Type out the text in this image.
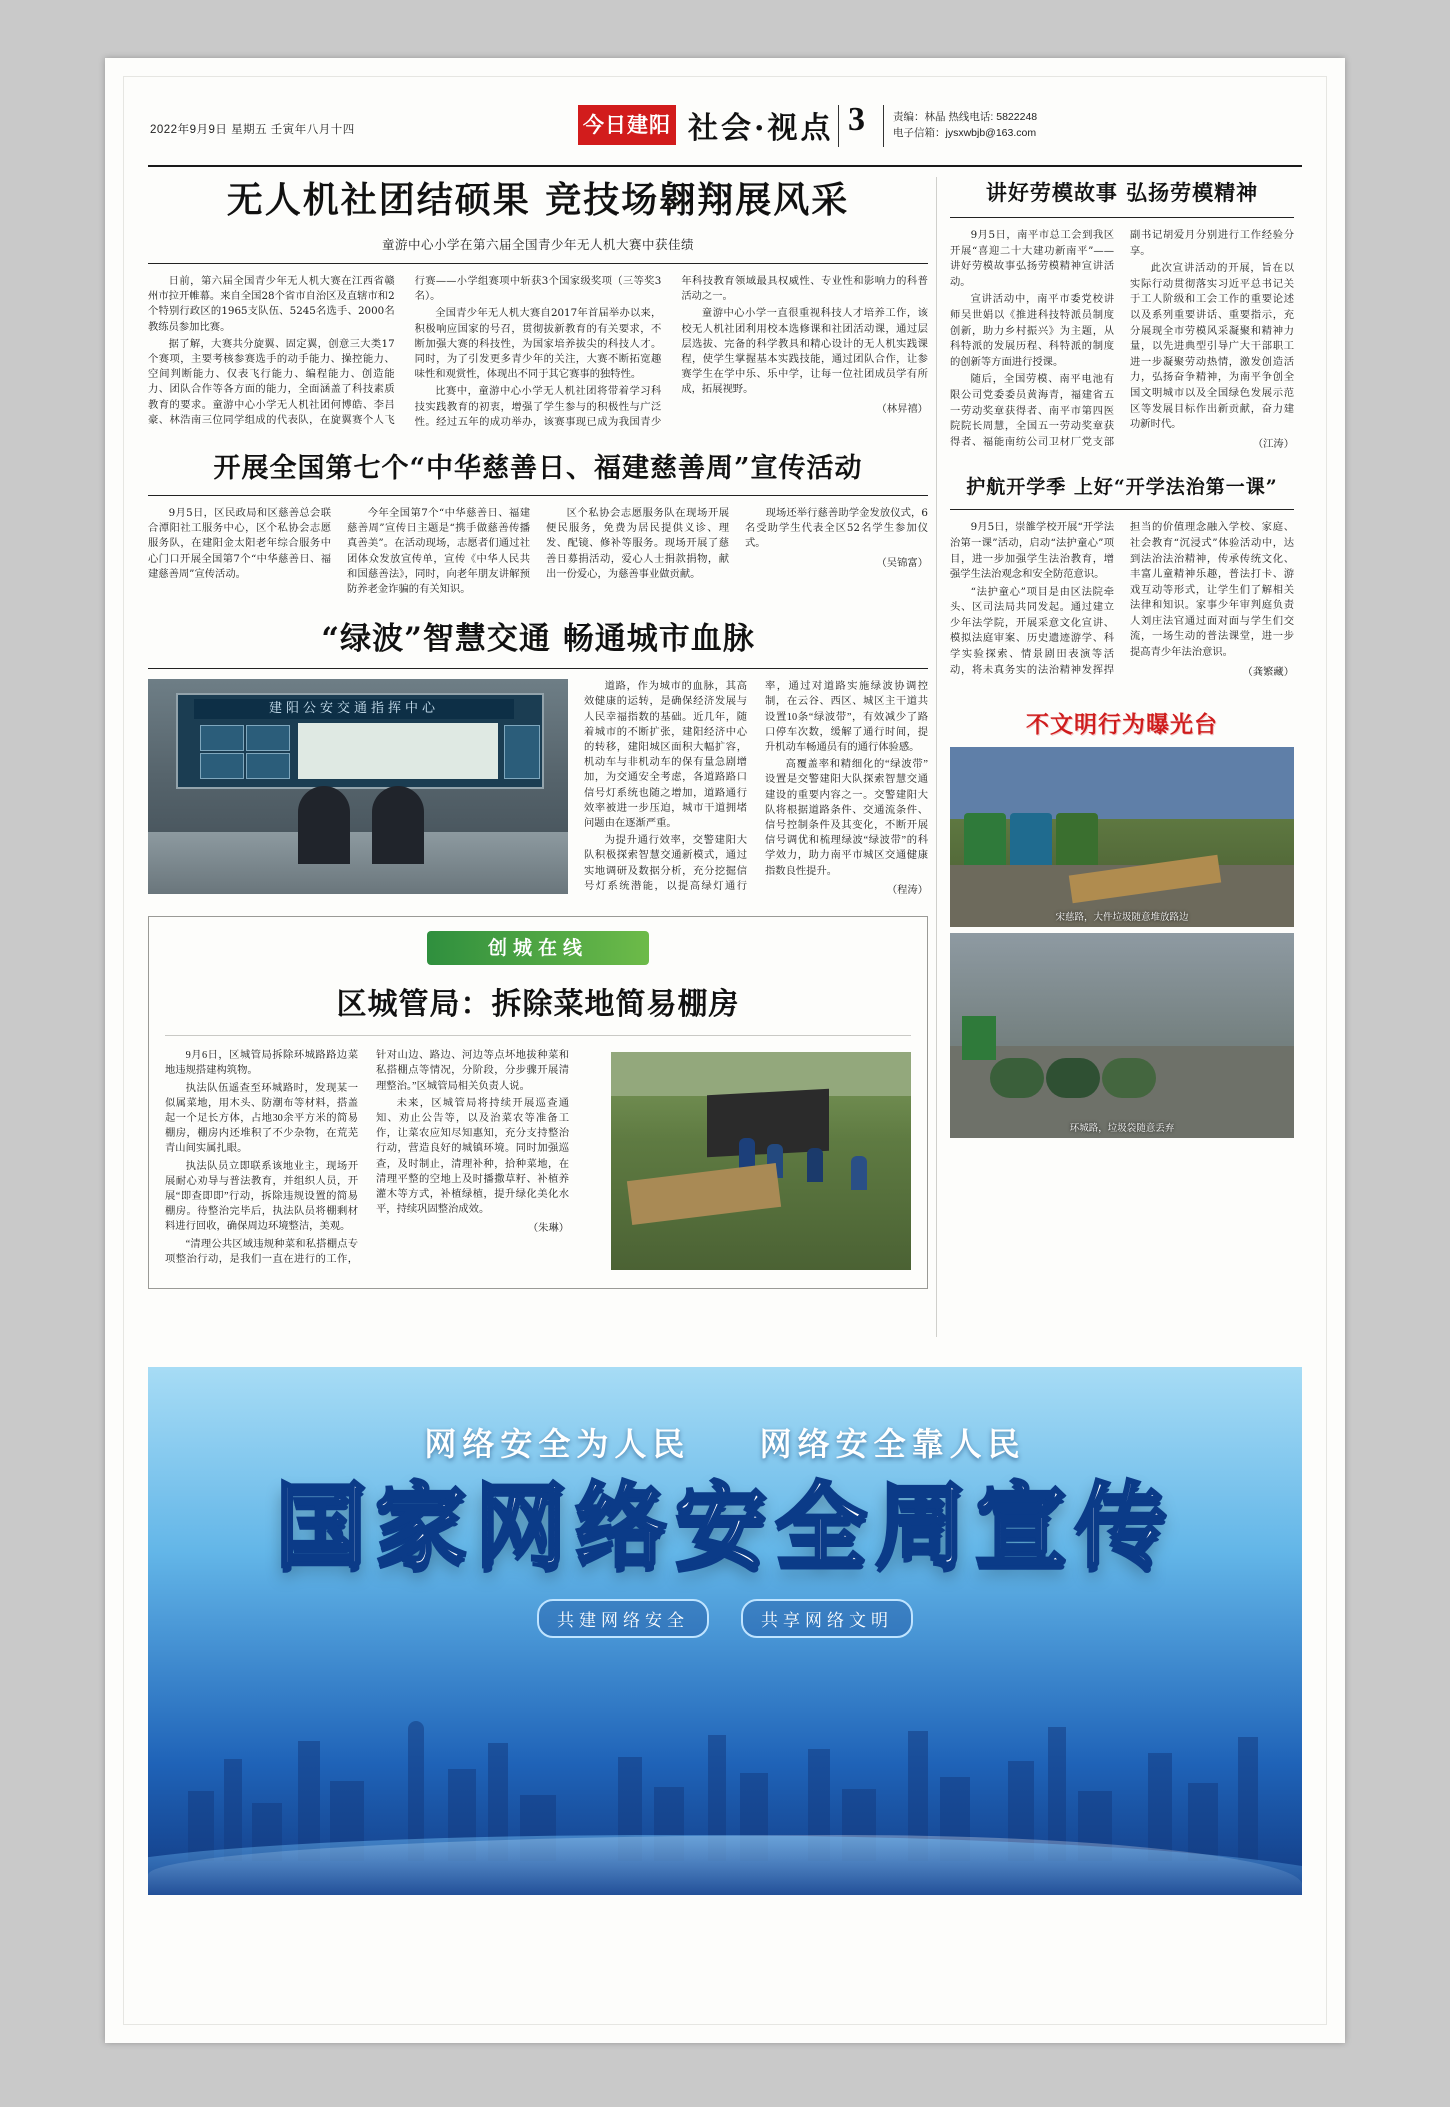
2022年9月9日 星期五 壬寅年八月十四	今日建阳 社会·视点 3	责编：林晶 热线电话: 5822248
电子信箱：jysxwbjb@163.com
无人机社团结硕果 竞技场翱翔展风采
童游中心小学在第六届全国青少年无人机大赛中获佳绩

日前，第六届全国青少年无人机大赛在江西省赣州市拉开帷幕。来自全国28个省市自治区及直辖市和2个特别行政区的1965支队伍、5245名选手、2000名教练员参加比赛。

据了解，大赛共分旋翼、固定翼，创意三大类17个赛项，主要考核参赛选手的动手能力、操控能力、空间判断能力、仅表飞行能力、编程能力、创造能力、团队合作等各方面的能力，全面涵盖了科技素质教育的要求。童游中心小学无人机社团何博皓、李吕豪、林浩南三位同学组成的代表队，在旋翼赛个人飞行赛——小学组赛项中斩获3个国家级奖项（三等奖3名）。

全国青少年无人机大赛自2017年首届举办以来，积极响应国家的号召，贯彻拔新教育的有关要求，不断加强大赛的科技性，为国家培养拔尖的科技人才。同时，为了引发更多青少年的关注，大赛不断拓宽趣味性和观赏性，体现出不同于其它赛事的独特性。

比赛中，童游中心小学无人机社团将带着学习科技实践教育的初衷，增强了学生参与的积极性与广泛性。经过五年的成功举办，该赛事现已成为我国青少年科技教育领域最具权威性、专业性和影响力的科普活动之一。

童游中心小学一直很重视科技人才培养工作，该校无人机社团利用校本选修课和社团活动课，通过层层选拔、完备的科学教具和精心设计的无人机实践课程，使学生掌握基本实践技能，通过团队合作，让参赛学生在学中乐、乐中学，让每一位社团成员学有所成，拓展视野。

（林昇禧）
开展全国第七个“中华慈善日、福建慈善周”宣传活动

9月5日，区民政局和区慈善总会联合潭阳社工服务中心，区个私协会志愿服务队，在建阳金太阳老年综合服务中心门口开展全国第7个“中华慈善日、福建慈善周”宣传活动。

今年全国第7个“中华慈善日、福建慈善周”宣传日主题是“携手做慈善传播真善美”。在活动现场，志愿者们通过社团体众发放宣传单，宣传《中华人民共和国慈善法》，同时，向老年朋友讲解预防养老金诈骗的有关知识。

区个私协会志愿服务队在现场开展便民服务，免费为居民提供义诊、理发、配镜、修补等服务。现场开展了慈善日募捐活动，爱心人士捐款捐物，献出一份爱心，为慈善事业做贡献。

现场还举行慈善助学金发放仪式，6名受助学生代表全区52名学生参加仪式。

（吴锦富）
“绿波”智慧交通 畅通城市血脉
建阳公安交通指挥中心

道路，作为城市的血脉，其高效健康的运转，是确保经济发展与人民幸福指数的基础。近几年，随着城市的不断扩张，建阳经济中心的转移，建阳城区面积大幅扩容，机动车与非机动车的保有量急剧增加，为交通安全考虑，各道路路口信号灯系统也随之增加，道路通行效率被进一步压迫，城市干道拥堵问题由在逐渐严重。

为提升通行效率，交警建阳大队积极探索智慧交通新模式，通过实地调研及数据分析，充分挖掘信号灯系统潜能，以提高绿灯通行率，通过对道路实施绿波协调控制，在云谷、西区、城区主干道共设置10条“绿波带”，有效减少了路口停车次数，缓解了通行时间，提升机动车畅通员有的通行体验感。

高覆盖率和精细化的“绿波带”设置是交警建阳大队探索智慧交通建设的重要内容之一。交警建阳大队将根据道路条件、交通流条件、信号控制条件及其变化，不断开展信号调优和梳理绿波“绿波带”的科学效力，助力南平市城区交通健康指数良性提升。

（程涛）
创城在线
区城管局：拆除菜地简易棚房

9月6日，区城管局拆除环城路路边菜地违规搭建构筑物。

执法队伍遥查至环城路时，发现某一似属菜地，用木头、防潮布等材料，搭盖起一个足长方体，占地30余平方米的简易棚房，棚房内还堆积了不少杂物，在荒芜青山间实属扎眼。

执法队员立即联系该地业主，现场开展耐心劝导与普法教育，并组织人员，开展“即查即即”行动，拆除违规设置的简易棚房。待整治完毕后，执法队员将棚剩材料进行回收，确保周边环境整洁，美观。

“清理公共区域违规种菜和私搭棚点专项整治行动，是我们一直在进行的工作，针对山边、路边、河边等点坏地拔种菜和私搭棚点等情况，分阶段，分步骤开展清理整治。”区城管局相关负责人说。

未来，区城管局将持续开展巡查通知、劝止公告等，以及治菜农等准备工作，让菜农应知尽知惠知，充分支持整治行动，营造良好的城镇环境。同时加强巡查，及时制止，清理补种，拾种菜地，在清理平整的空地上及时播撒草籽、补植养灌木等方式，补植绿植，提升绿化美化水平，持续巩固整治成效。

（朱琳）
讲好劳模故事 弘扬劳模精神

9月5日，南平市总工会到我区开展“喜迎二十大建功新南平”——讲好劳模故事弘扬劳模精神宣讲活动。

宣讲活动中，南平市委党校讲师吴世娟以《推进科技特派员制度创新，助力乡村振兴》为主题，从科特派的发展历程、科特派的制度的创新等方面进行授课。

随后，全国劳模、南平电池有限公司党委委员黄海青，福建省五一劳动奖章获得者、南平市第四医院院长周慧，全国五一劳动奖章获得者、福能南纺公司卫材厂党支部副书记胡爱月分别进行工作经验分享。

此次宣讲活动的开展，旨在以实际行动贯彻落实习近平总书记关于工人阶级和工会工作的重要论述以及系列重要讲话、重要指示，充分展现全市劳模风采凝聚和精神力量，以先进典型引导广大干部职工进一步凝聚劳动热情，激发创造活力，弘扬奋争精神，为南平争创全国文明城市以及全国绿色发展示范区等发展目标作出新贡献，奋力建功新时代。

（江涛）
护航开学季 上好“开学法治第一课”

9月5日，崇雒学校开展“开学法治第一课”活动，启动“法护童心”项目，进一步加强学生法治教育，增强学生法治观念和安全防范意识。

“法护童心”项目是由区法院牵头、区司法局共同发起。通过建立少年法学院，开展采意文化宣讲、模拟法庭审案、历史遗迹游学、科学实验探索、情景剧田表演等活动，将未真务实的法治精神发挥捍担当的价值理念融入学校、家庭、社会教育“沉浸式”体验活动中，达到法治法治精神，传承传统文化、丰富儿童精神乐趣，普法打卡、游戏互动等形式，让学生们了解相关法律和知识。家事少年审判庭负责人刘庄法官通过面对面与学生们交流，一场生动的普法课堂，进一步提高青少年法治意识。

（龚繁藏）
不文明行为曝光台
宋慈路，大件垃圾随意堆放路边
环城路，垃圾袋随意丢弃
网络安全为人民 网络安全靠人民
国家网络安全周宣传
共建网络安全	共享网络文明
